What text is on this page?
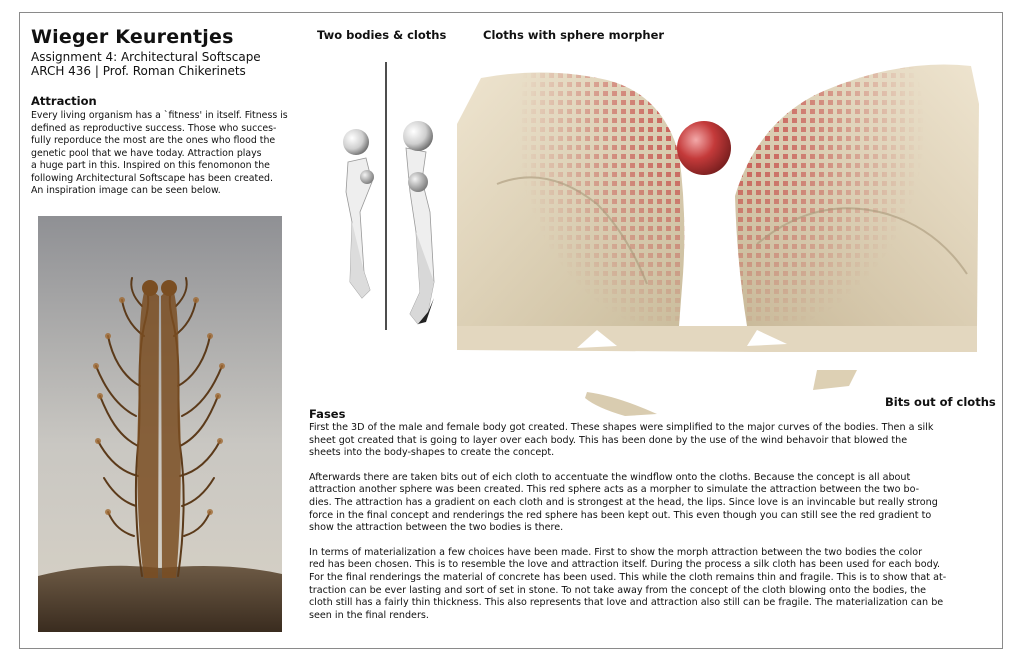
Wieger Keurentjes
Assignment 4: Architectural Softscape
ARCH 436 | Prof. Roman Chikerinets
Attraction
Every living organism has a `fitness' in itself. Fitness is
defined as reproductive success. Those who succes-
fully reporduce the most are the ones who flood the
genetic pool that we have today. Attraction plays
a huge part in this. Inspired on this fenomonon the
following Architectural Softscape has been created.
An inspiration image can be seen below.
Two bodies & cloths	Cloths with sphere morpher
Bits out of cloths
Fases
First the 3D of the male and female body got created. These shapes were simplified to the major curves of the bodies. Then a silk
sheet got created that is going to layer over each body. This has been done by the use of the wind behavoir that blowed the
sheets into the body-shapes to create the concept.
Afterwards there are taken bits out of eich cloth to accentuate the windflow onto the cloths. Because the concept is all about
attraction another sphere was been created. This red sphere acts as a morpher to simulate the attraction between the two bo-
dies. The attraction has a gradient on each cloth and is strongest at the head, the lips. Since love is an invincable but really strong
force in the final concept and renderings the red sphere has been kept out. This even though you can still see the red gradient to
show the attraction between the two bodies is there.
In terms of materialization a few choices have been made. First to show the morph attraction between the two bodies the color
red has been chosen. This is to resemble the love and attraction itself. During the process a silk cloth has been used for each body.
For the final renderings the material of concrete has been used. This while the cloth remains thin and fragile. This is to show that at-
traction can be ever lasting and sort of set in stone. To not take away from the concept of the cloth blowing onto the bodies, the
cloth still has a fairly thin thickness. This also represents that love and attraction also still can be fragile. The materialization can be
seen in the final renders.
